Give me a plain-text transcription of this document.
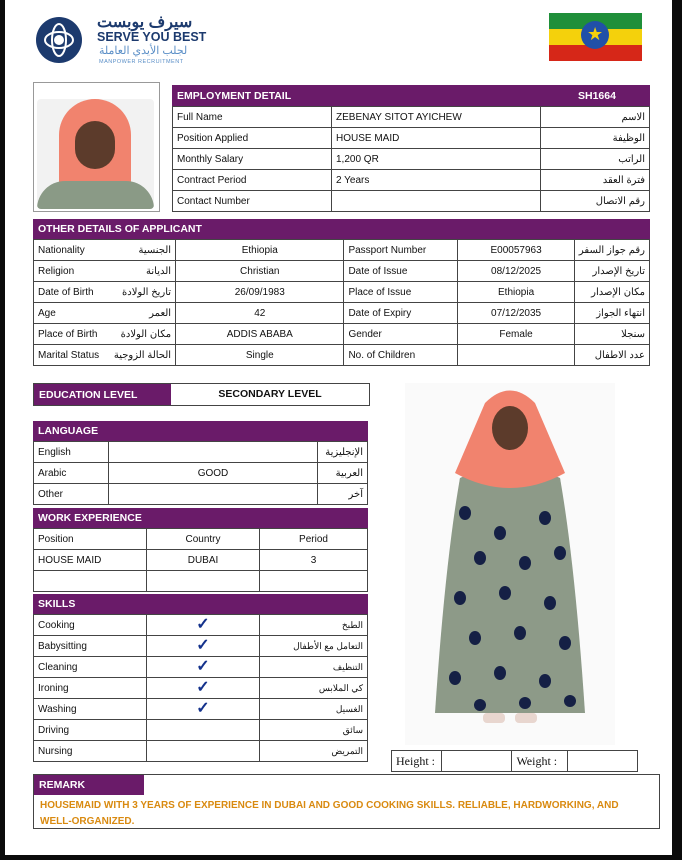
سيرف يوبست
SERVE YOU BEST
لجلب الأيدي العاملة
MANPOWER RECRUITMENT
★
EMPLOYMENT DETAIL	SH1664
Full Name	ZEBENAY SITOT AYICHEW	الاسم
Position Applied	HOUSE MAID	الوظيفة
Monthly Salary	1,200 QR	الراتب
Contract Period	2 Years	فترة العقد
Contact Number		رقم الاتصال
OTHER DETAILS OF APPLICANT
Nationality	الجنسية	Ethiopia	Passport Number	E00057963	رقم جواز السفر
Religion	الديانة	Christian	Date of Issue	08/12/2025	تاريخ الإصدار
Date of Birth	تاريخ الولادة	26/09/1983	Place of Issue	Ethiopia	مكان الإصدار
Age	العمر	42	Date of Expiry	07/12/2035	انتهاء الجواز
Place of Birth	مكان الولادة	ADDIS ABABA	Gender	Female	سنجلا
Marital Status	الحالة الزوجية	Single	No. of Children		عدد الاطفال
EDUCATION LEVEL	SECONDARY LEVEL
LANGUAGE
English		الإنجليزية
Arabic	GOOD	العربية
Other		آخر
WORK EXPERIENCE
Position	Country	Period
HOUSE MAID	DUBAI	3

SKILLS
Cooking	✓	الطبخ
Babysitting	✓	التعامل مع الأطفال
Cleaning	✓	التنظيف
Ironing	✓	كي الملابس
Washing	✓	الغسيل
Driving		سائق
Nursing		التمريض
Height :		Weight :	
REMARK
HOUSEMAID WITH 3 YEARS OF EXPERIENCE IN DUBAI AND GOOD COOKING SKILLS. RELIABLE, HARDWORKING, AND WELL-ORGANIZED.
